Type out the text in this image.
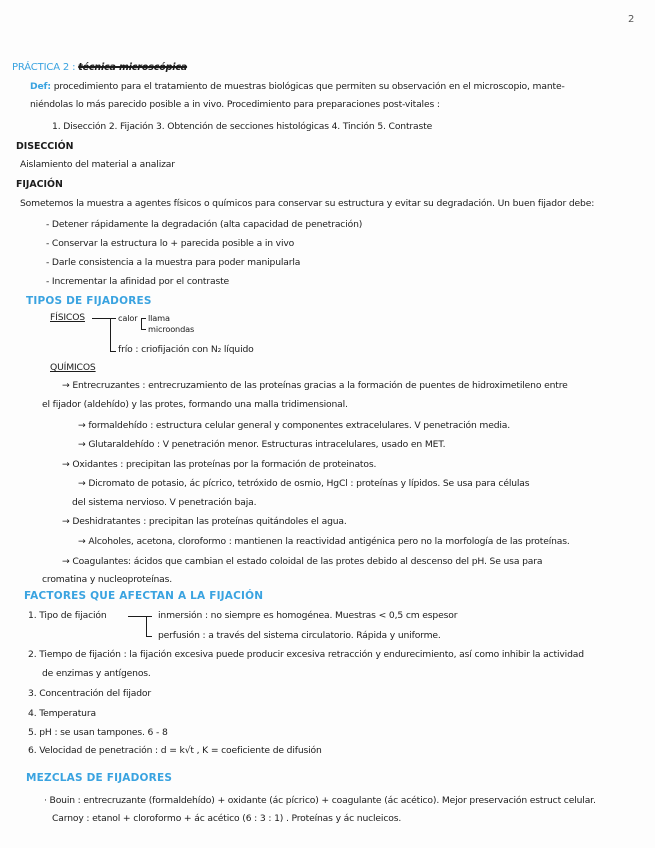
2
PRÁCTICA 2 : técnica microscópica
Def: procedimiento para el tratamiento de muestras biológicas que permiten su observación en el microscopio, mante-
niéndolas lo más parecido posible a in vivo. Procedimiento para preparaciones post-vitales :
1. Disección 2. Fijación 3. Obtención de secciones histológicas 4. Tinción 5. Contraste
DISECCIÓN
Aislamiento del material a analizar
FIJACIÓN
Sometemos la muestra a agentes físicos o químicos para conservar su estructura y evitar su degradación. Un buen fijador debe:
- Detener rápidamente la degradación (alta capacidad de penetración)
- Conservar la estructura lo + parecida posible a in vivo
- Darle consistencia a la muestra para poder manipularla
- Incrementar la afinidad por el contraste
TIPOS DE FIJADORES
FÍSICOS	calor llama
microondas
frío : criofijación con N₂ líquido
QUÍMICOS
→ Entrecruzantes : entrecruzamiento de las proteínas gracias a la formación de puentes de hidroximetileno entre
el fijador (aldehído) y las protes, formando una malla tridimensional.
→ formaldehído : estructura celular general y componentes extracelulares. V penetración media.
→ Glutaraldehído : V penetración menor. Estructuras intracelulares, usado en MET.
→ Oxidantes : precipitan las proteínas por la formación de proteinatos.
→ Dicromato de potasio, ác pícrico, tetróxido de osmio, HgCl : proteínas y lípidos. Se usa para células
del sistema nervioso. V penetración baja.
→ Deshidratantes : precipitan las proteínas quitándoles el agua.
→ Alcoholes, acetona, cloroformo : mantienen la reactividad antigénica pero no la morfología de las proteínas.
→ Coagulantes: ácidos que cambian el estado coloidal de las protes debido al descenso del pH. Se usa para
cromatina y nucleoproteínas.
FACTORES QUE AFECTAN A LA FIJACIÓN
1. Tipo de fijación	inmersión : no siempre es homogénea. Muestras < 0,5 cm espesor
perfusión : a través del sistema circulatorio. Rápida y uniforme.
2. Tiempo de fijación : la fijación excesiva puede producir excesiva retracción y endurecimiento, así como inhibir la actividad
de enzimas y antígenos.
3. Concentración del fijador
4. Temperatura
5. pH : se usan tampones. 6 - 8
6. Velocidad de penetración : d = k√t , K = coeficiente de difusión
MEZCLAS DE FIJADORES
· Bouin : entrecruzante (formaldehído) + oxidante (ác pícrico) + coagulante (ác acético). Mejor preservación estruct celular.
Carnoy : etanol + cloroformo + ác acético (6 : 3 : 1) . Proteínas y ác nucleicos.
